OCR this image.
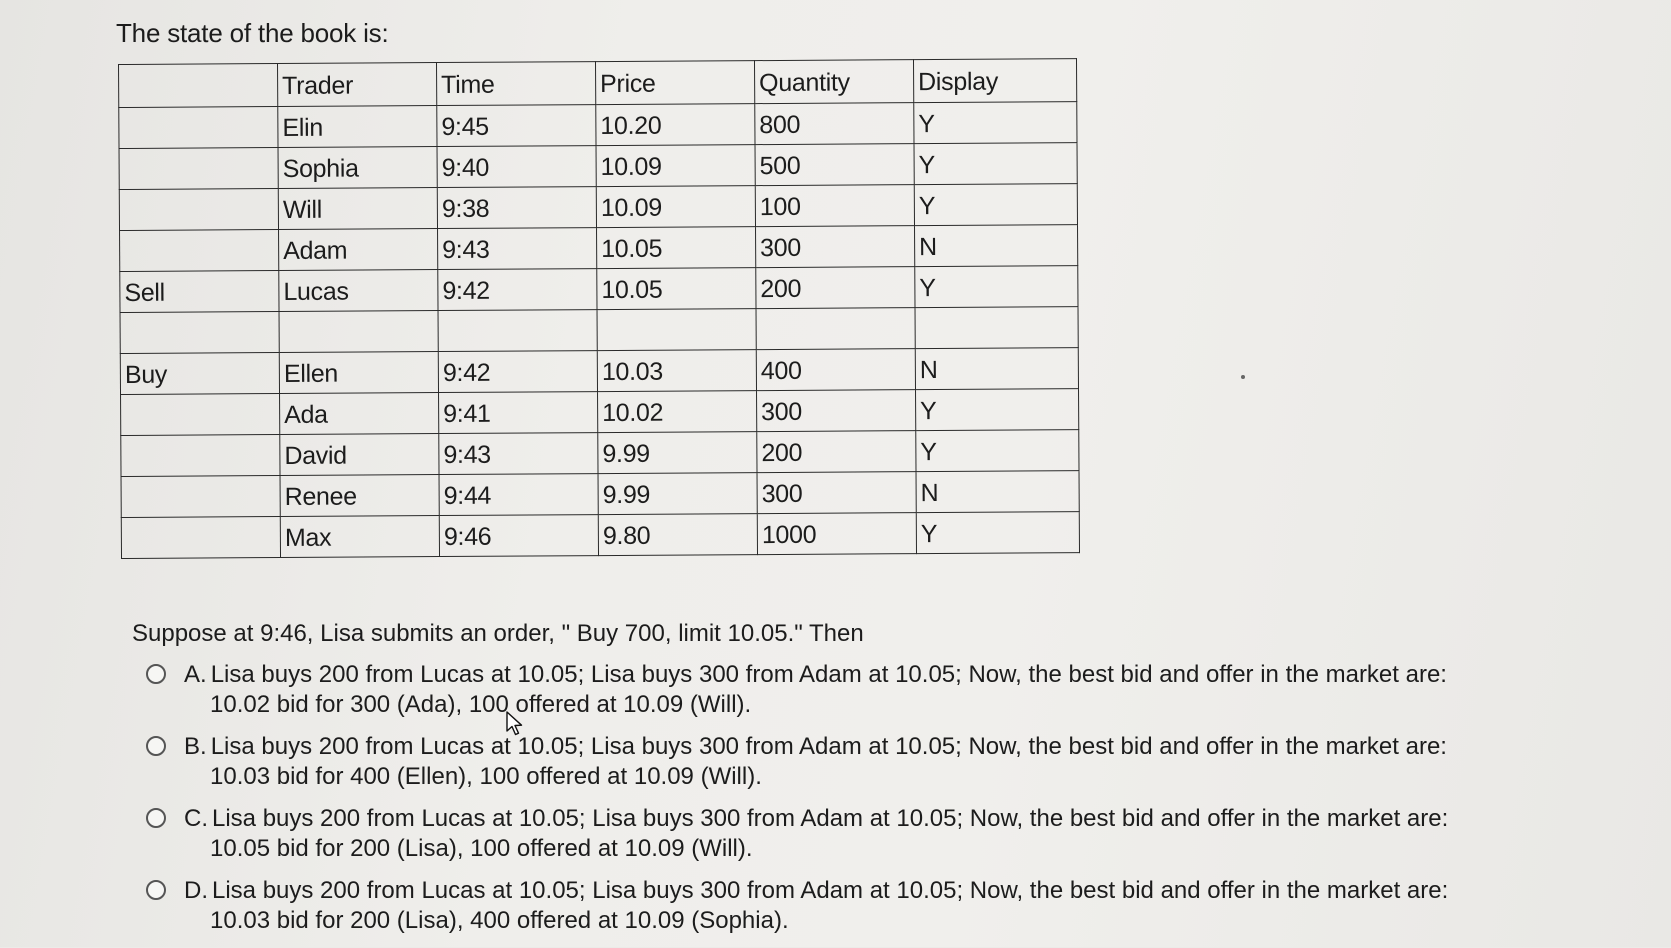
The state of the book is:
	Trader	Time	Price	Quantity	Display
	Elin	9:45	10.20	800	Y
	Sophia	9:40	10.09	500	Y
	Will	9:38	10.09	100	Y
	Adam	9:43	10.05	300	N
Sell	Lucas	9:42	10.05	200	Y

Buy	Ellen	9:42	10.03	400	N
	Ada	9:41	10.02	300	Y
	David	9:43	9.99	200	Y
	Renee	9:44	9.99	300	N
	Max	9:46	9.80	1000	Y
Suppose at 9:46, Lisa submits an order, " Buy 700, limit 10.05." Then
A. Lisa buys 200 from Lucas at 10.05; Lisa buys 300 from Adam at 10.05; Now, the best bid and offer in the market are:
10.02 bid for 300 (Ada), 100 offered at 10.09 (Will).
B. Lisa buys 200 from Lucas at 10.05; Lisa buys 300 from Adam at 10.05; Now, the best bid and offer in the market are:
10.03 bid for 400 (Ellen), 100 offered at 10.09 (Will).
C. Lisa buys 200 from Lucas at 10.05; Lisa buys 300 from Adam at 10.05; Now, the best bid and offer in the market are:
10.05 bid for 200 (Lisa), 100 offered at 10.09 (Will).
D. Lisa buys 200 from Lucas at 10.05; Lisa buys 300 from Adam at 10.05; Now, the best bid and offer in the market are:
10.03 bid for 200 (Lisa), 400 offered at 10.09 (Sophia).
